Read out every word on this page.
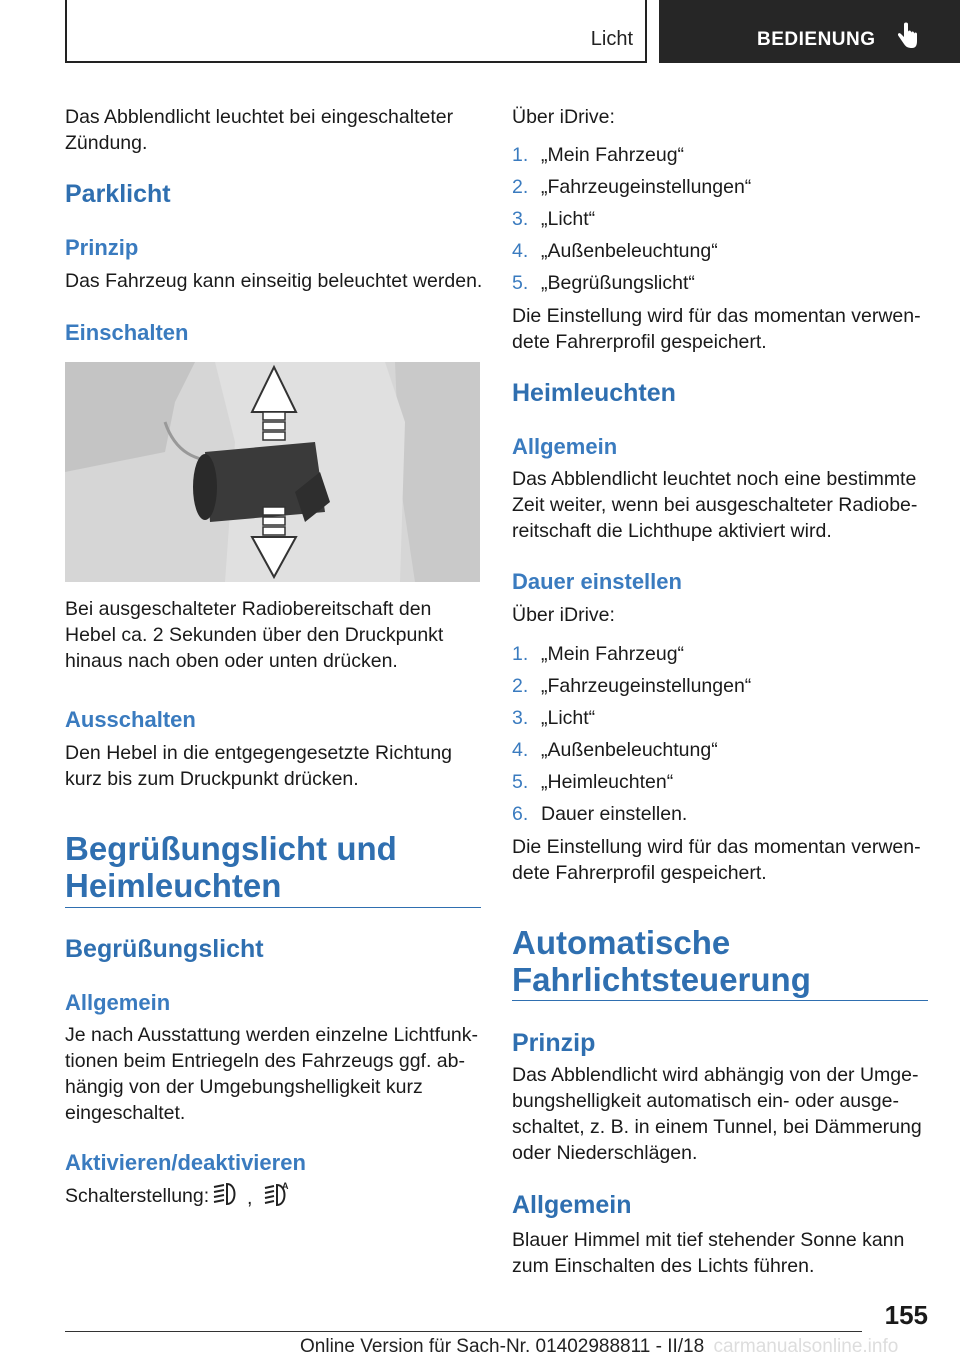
Licht	BEDIENUNG

Das Abblendlicht leuchtet bei eingeschalteter Zündung.

Parklicht
Prinzip

Das Fahrzeug kann einseitig beleuchtet werden.

Einschalten

Bei ausgeschalteter Radiobereitschaft den Hebel ca. 2 Sekunden über den Druckpunkt hinaus nach oben oder unten drücken.

Ausschalten

Den Hebel in die entgegengesetzte Richtung kurz bis zum Druckpunkt drücken.

Begrüßungslicht und
Heimleuchten
Begrüßungslicht
Allgemein

Je nach Ausstattung werden einzelne Lichtfunktionen beim Entriegeln des Fahrzeugs ggf. abhängig von der Umgebungshelligkeit kurz eingeschaltet.

Aktivieren/deaktivieren
Schalterstellung: ,
A

Über iDrive:

1. „Mein Fahrzeug“
2. „Fahrzeugeinstellungen“
3. „Licht“
4. „Außenbeleuchtung“
5. „Begrüßungslicht“

Die Einstellung wird für das momentan verwendete Fahrerprofil gespeichert.

Heimleuchten
Allgemein

Das Abblendlicht leuchtet noch eine bestimmte Zeit weiter, wenn bei ausgeschalteter Radiobereitschaft die Lichthupe aktiviert wird.

Dauer einstellen

Über iDrive:

1. „Mein Fahrzeug“
2. „Fahrzeugeinstellungen“
3. „Licht“
4. „Außenbeleuchtung“
5. „Heimleuchten“
6. Dauer einstellen.

Die Einstellung wird für das momentan verwendete Fahrerprofil gespeichert.

Automatische
Fahrlichtsteuerung
Prinzip

Das Abblendlicht wird abhängig von der Umgebungshelligkeit automatisch ein- oder ausgeschaltet, z. B. in einem Tunnel, bei Dämmerung oder Niederschlägen.

Allgemein

Blauer Himmel mit tief stehender Sonne kann zum Einschalten des Lichts führen.

155
Online Version für Sach-Nr. 01402988811 - II/18 carmanualsonline.info
